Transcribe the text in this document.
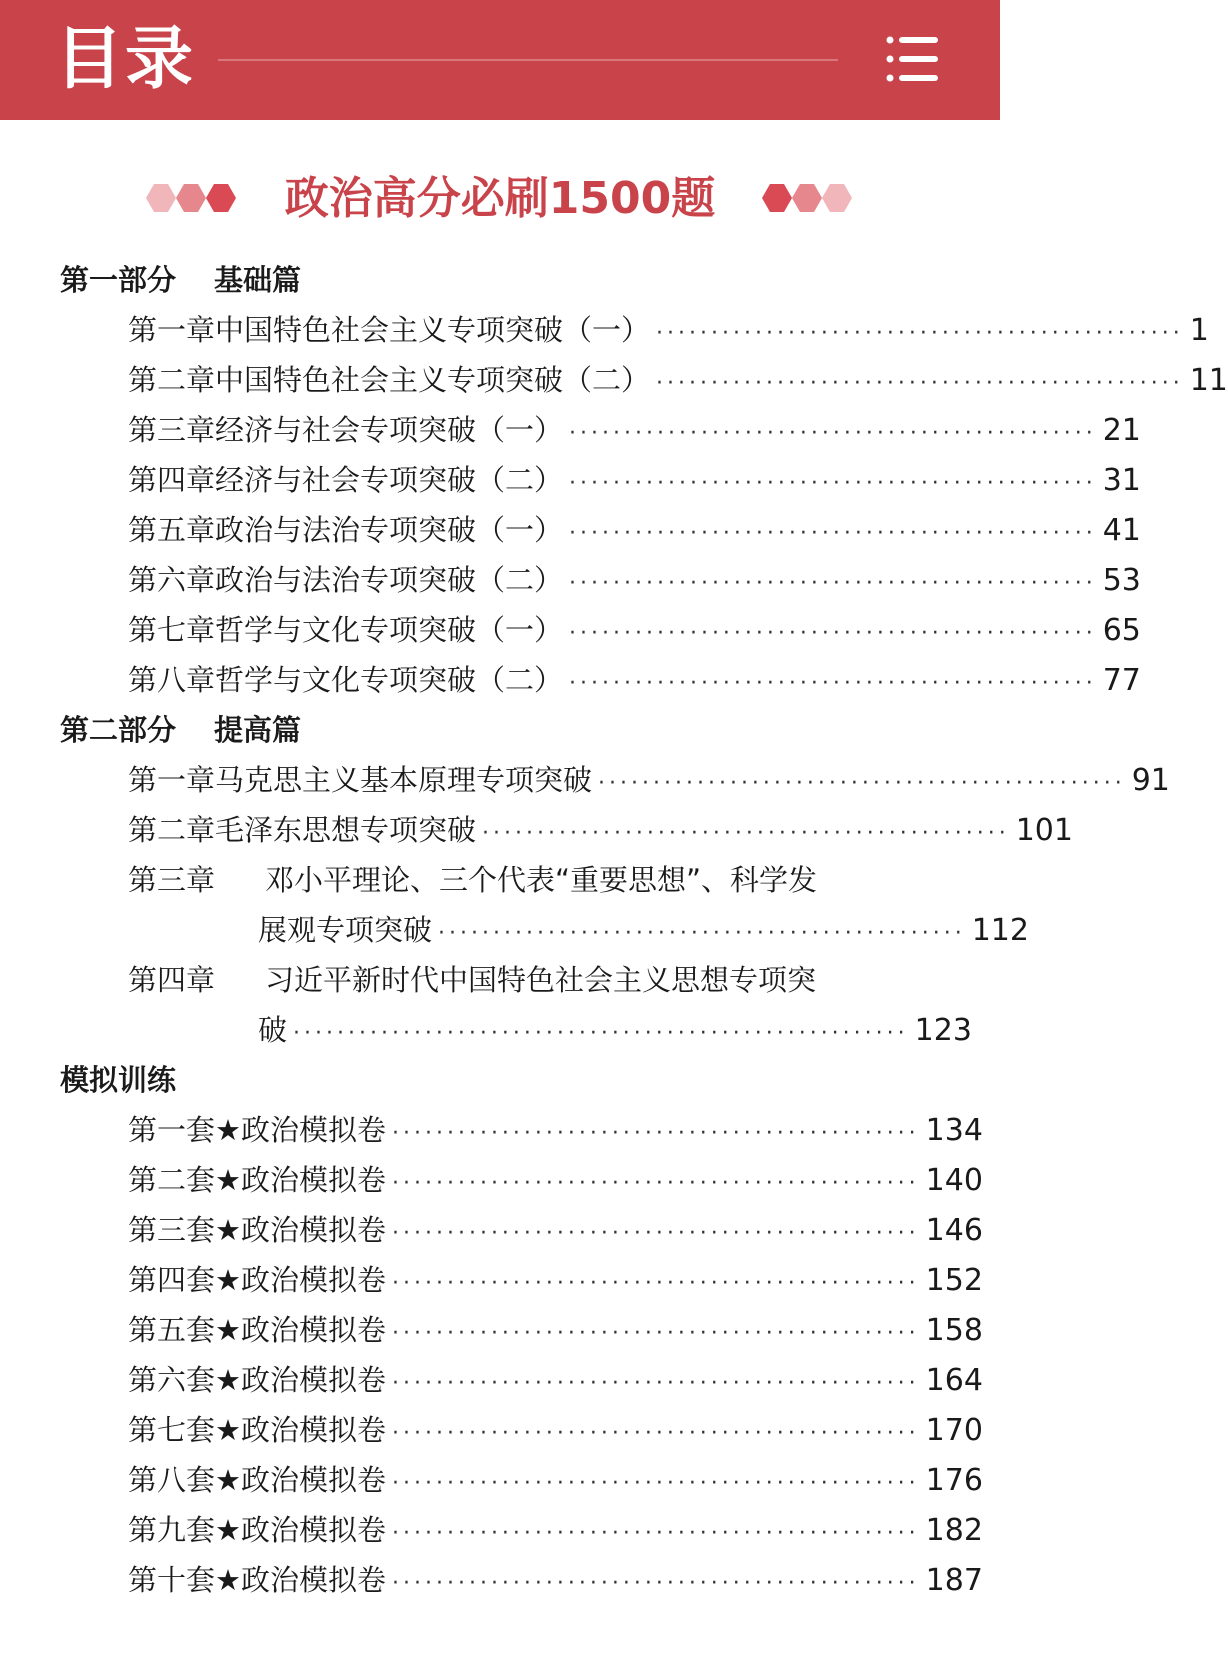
目录
政治高分必刷1500题
第一部分 基础篇
第一章 中国特色社会主义专项突破（一） ················································ 1
第二章 中国特色社会主义专项突破（二） ················································ 11
第三章 经济与社会专项突破（一） ················································ 21
第四章 经济与社会专项突破（二） ················································ 31
第五章 政治与法治专项突破（一） ················································ 41
第六章 政治与法治专项突破（二） ················································ 53
第七章 哲学与文化专项突破（一） ················································ 65
第八章 哲学与文化专项突破（二） ················································ 77
第二部分 提高篇
第一章 马克思主义基本原理专项突破 ················································ 91
第二章 毛泽东思想专项突破 ················································ 101
第三章	邓小平理论、三个代表“重要思想”、科学发
展观专项突破 ················································ 112
第四章	习近平新时代中国特色社会主义思想专项突
破 ························································ 123
模拟训练
第一套★政治模拟卷 ················································ 134
第二套★政治模拟卷 ················································ 140
第三套★政治模拟卷 ················································ 146
第四套★政治模拟卷 ················································ 152
第五套★政治模拟卷 ················································ 158
第六套★政治模拟卷 ················································ 164
第七套★政治模拟卷 ················································ 170
第八套★政治模拟卷 ················································ 176
第九套★政治模拟卷 ················································ 182
第十套★政治模拟卷 ················································ 187
